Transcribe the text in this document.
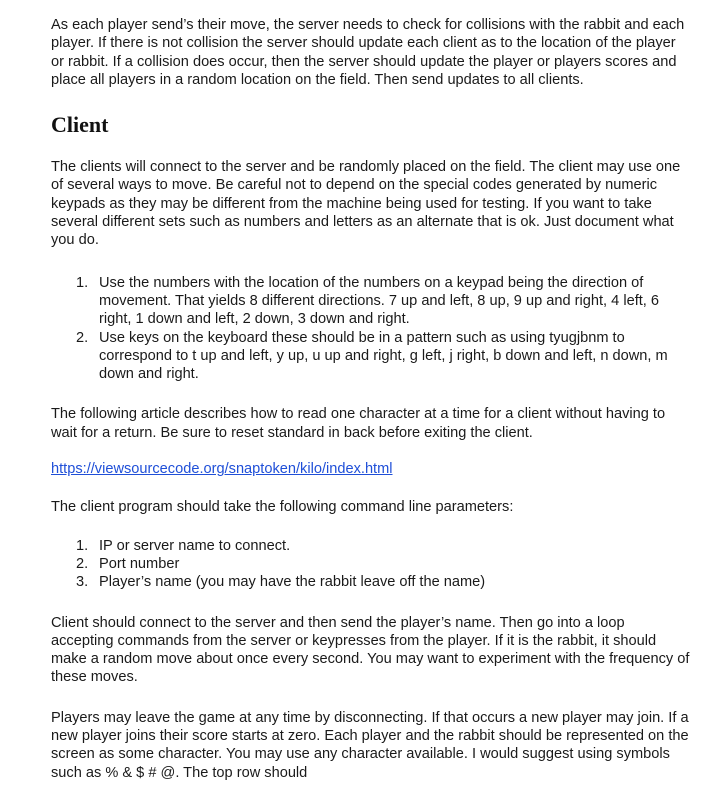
As each player send’s their move, the server needs to check for collisions with the rabbit and each player. If there is not collision the server should update each client as to the location of the player or rabbit. If a collision does occur, then the server should update the player or players scores and place all players in a random location on the field. Then send updates to all clients.

Client

The clients will connect to the server and be randomly placed on the field. The client may use one of several ways to move. Be careful not to depend on the special codes generated by numeric keypads as they may be different from the machine being used for testing. If you want to take several different sets such as numbers and letters as an alternate that is ok. Just document what you do.

1. Use the numbers with the location of the numbers on a keypad being the direction of movement. That yields 8 different directions. 7 up and left, 8 up, 9 up and right, 4 left, 6 right, 1 down and left, 2 down, 3 down and right.
2. Use keys on the keyboard these should be in a pattern such as using tyugjbnm to correspond to t up and left, y up, u up and right, g left, j right, b down and left, n down, m down and right.

The following article describes how to read one character at a time for a client without having to wait for a return. Be sure to reset standard in back before exiting the client.

https://viewsourcecode.org/snaptoken/kilo/index.html

The client program should take the following command line parameters:

1. IP or server name to connect.
2. Port number
3. Player’s name (you may have the rabbit leave off the name)

Client should connect to the server and then send the player’s name. Then go into a loop accepting commands from the server or keypresses from the player. If it is the rabbit, it should make a random move about once every second. You may want to experiment with the frequency of these moves.

Players may leave the game at any time by disconnecting. If that occurs a new player may join. If a new player joins their score starts at zero. Each player and the rabbit should be represented on the screen as some character. You may use any character available. I would suggest using symbols such as % & $ # @. The top row should
